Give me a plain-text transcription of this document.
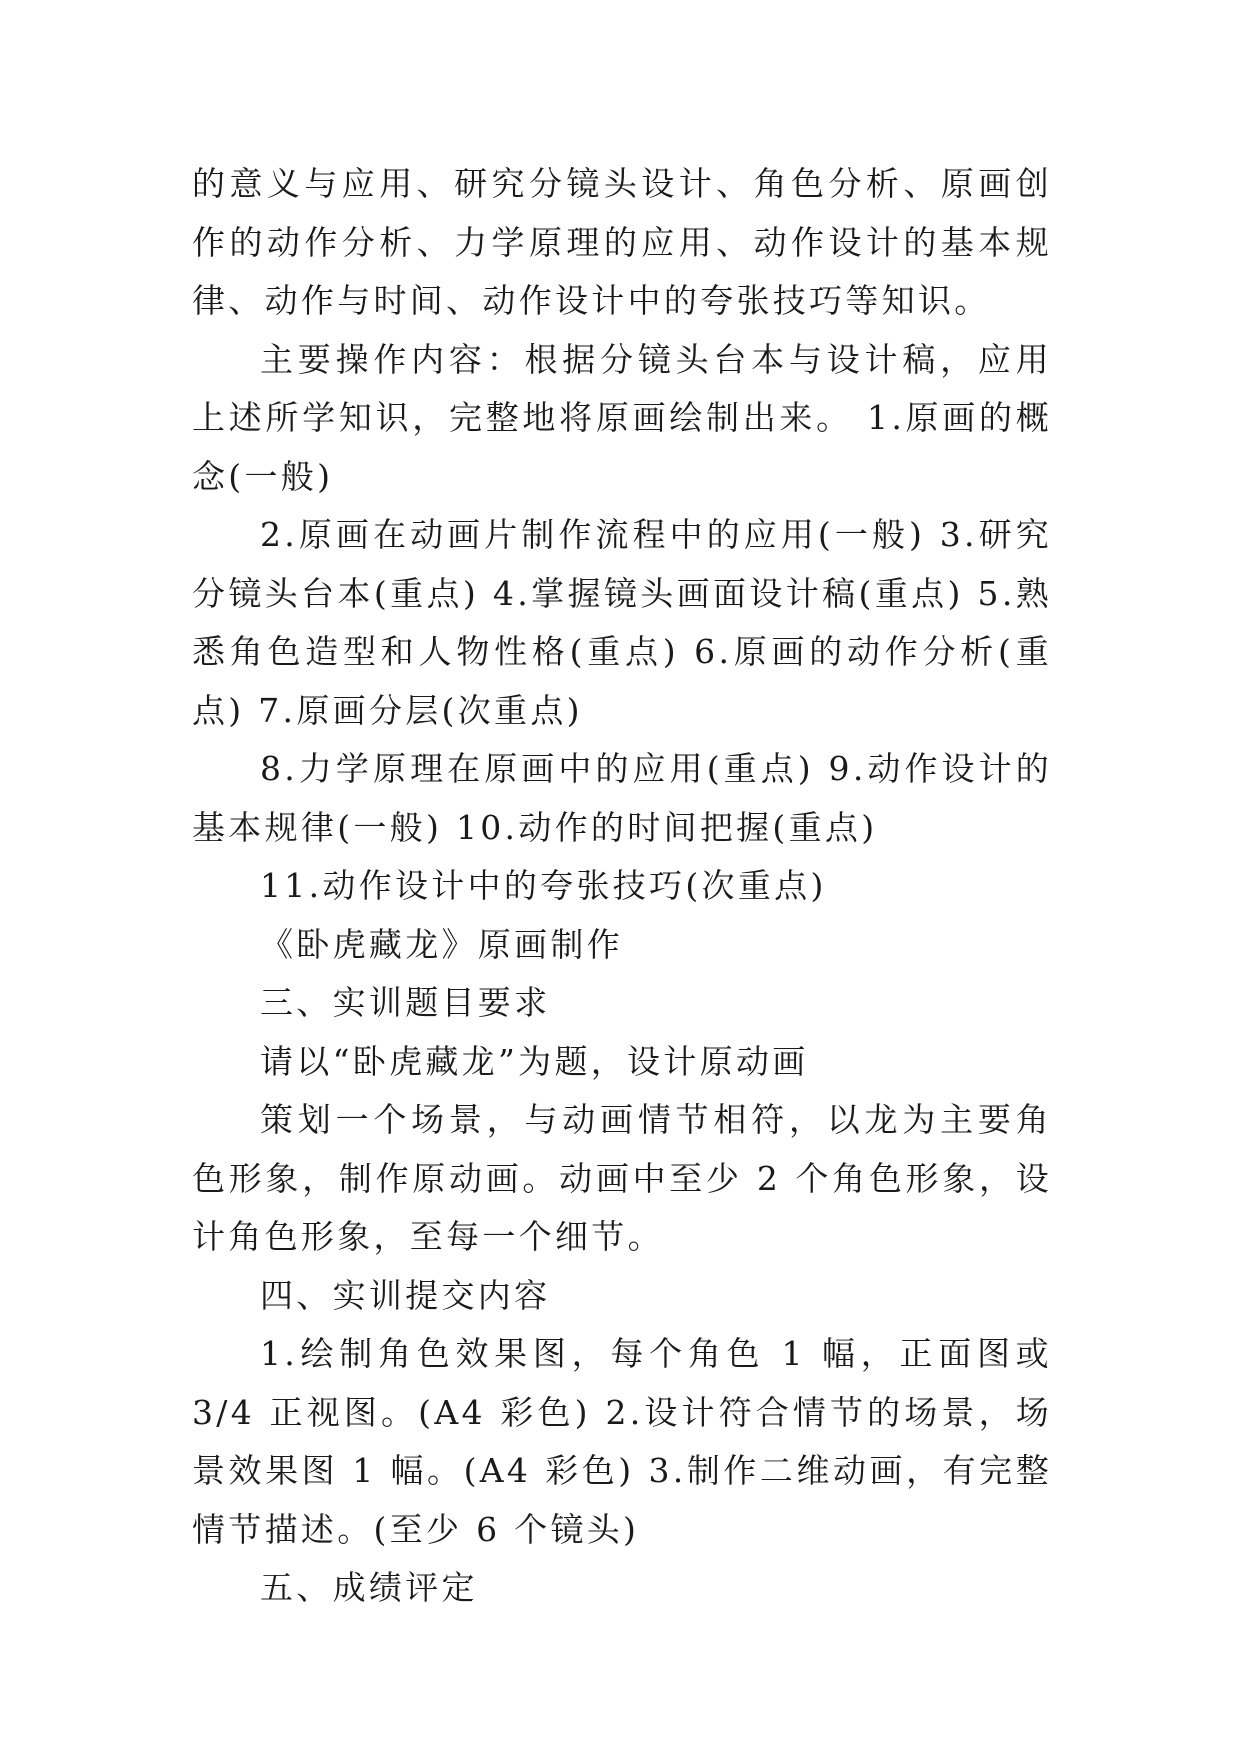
的意义与应用、研究分镜头设计、角色分析、原画创作的动作分析、力学原理的应用、动作设计的基本规律、动作与时间、动作设计中的夸张技巧等知识。

主要操作内容：根据分镜头台本与设计稿，应用上述所学知识，完整地将原画绘制出来。 1.原画的概念(一般)

2.原画在动画片制作流程中的应用(一般) 3.研究分镜头台本(重点) 4.掌握镜头画面设计稿(重点) 5.熟悉角色造型和人物性格(重点) 6.原画的动作分析(重点) 7.原画分层(次重点)

8.力学原理在原画中的应用(重点) 9.动作设计的基本规律(一般) 10.动作的时间把握(重点)

11.动作设计中的夸张技巧(次重点)

《卧虎藏龙》原画制作

三、实训题目要求

请以“卧虎藏龙”为题，设计原动画

策划一个场景，与动画情节相符，以龙为主要角色形象，制作原动画。动画中至少 2 个角色形象，设计角色形象，至每一个细节。

四、实训提交内容

1.绘制角色效果图，每个角色 1 幅，正面图或 3/4 正视图。(A4 彩色) 2.设计符合情节的场景，场景效果图 1 幅。(A4 彩色) 3.制作二维动画，有完整情节描述。(至少 6 个镜头)

五、成绩评定
